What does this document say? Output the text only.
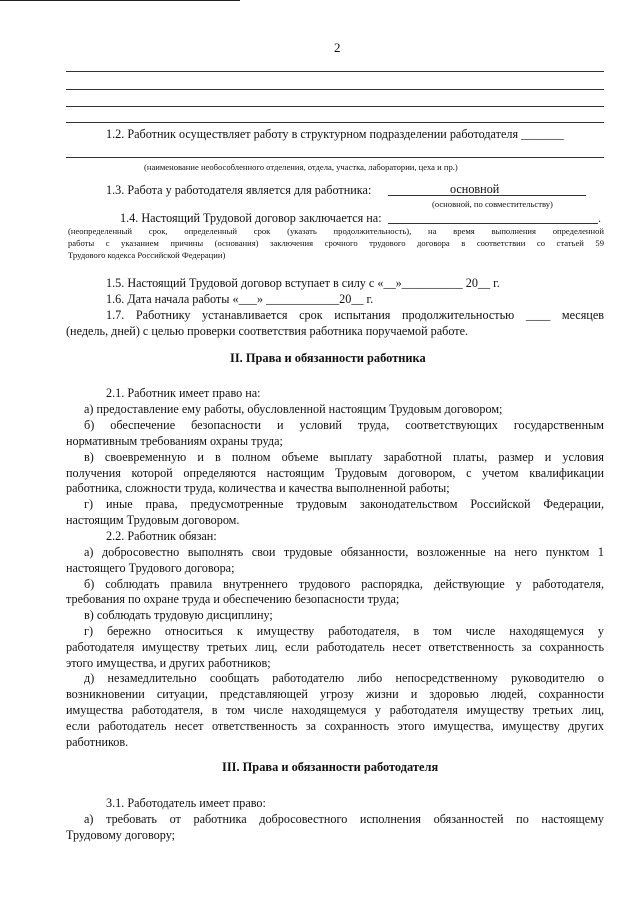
2
1.2. Работник осуществляет работу в структурном подразделении работодателя _______
(наименование необособленного отделения, отдела, участка, лаборатории, цеха и пр.)
1.3. Работа у работодателя является для работника:	основной
(основной, по совместительству)
1.4. Настоящий Трудовой договор заключается на:	.
(неопределенный срок, определенный срок (указать продолжительность), на время выполнения определенной
работы с указанием причины (основания) заключения срочного трудового договора в соответствии со статьей 59
Трудового кодекса Российской Федерации)
1.5. Настоящий Трудовой договор вступает в силу с «__»__________ 20__ г.
1.6. Дата начала работы «___» ____________20__ г.
1.7. Работнику устанавливается срок испытания продолжительностью ____ месяцев
(недель, дней) с целью проверки соответствия работника поручаемой работе.
II. Права и обязанности работника
2.1. Работник имеет право на:
а) предоставление ему работы, обусловленной настоящим Трудовым договором;
б) обеспечение безопасности и условий труда, соответствующих государственным
нормативным требованиям охраны труда;
в) своевременную и в полном объеме выплату заработной платы, размер и условия
получения которой определяются настоящим Трудовым договором, с учетом квалификации
работника, сложности труда, количества и качества выполненной работы;
г) иные права, предусмотренные трудовым законодательством Российской Федерации,
настоящим Трудовым договором.
2.2. Работник обязан:
а) добросовестно выполнять свои трудовые обязанности, возложенные на него пунктом 1
настоящего Трудового договора;
б) соблюдать правила внутреннего трудового распорядка, действующие у работодателя,
требования по охране труда и обеспечению безопасности труда;
в) соблюдать трудовую дисциплину;
г) бережно относиться к имуществу работодателя, в том числе находящемуся у
работодателя имуществу третьих лиц, если работодатель несет ответственность за сохранность
этого имущества, и других работников;
д) незамедлительно сообщать работодателю либо непосредственному руководителю о
возникновении ситуации, представляющей угрозу жизни и здоровью людей, сохранности
имущества работодателя, в том числе находящемуся у работодателя имуществу третьих лиц,
если работодатель несет ответственность за сохранность этого имущества, имуществу других
работников.
III. Права и обязанности работодателя
3.1. Работодатель имеет право:
а) требовать от работника добросовестного исполнения обязанностей по настоящему
Трудовому договору;
